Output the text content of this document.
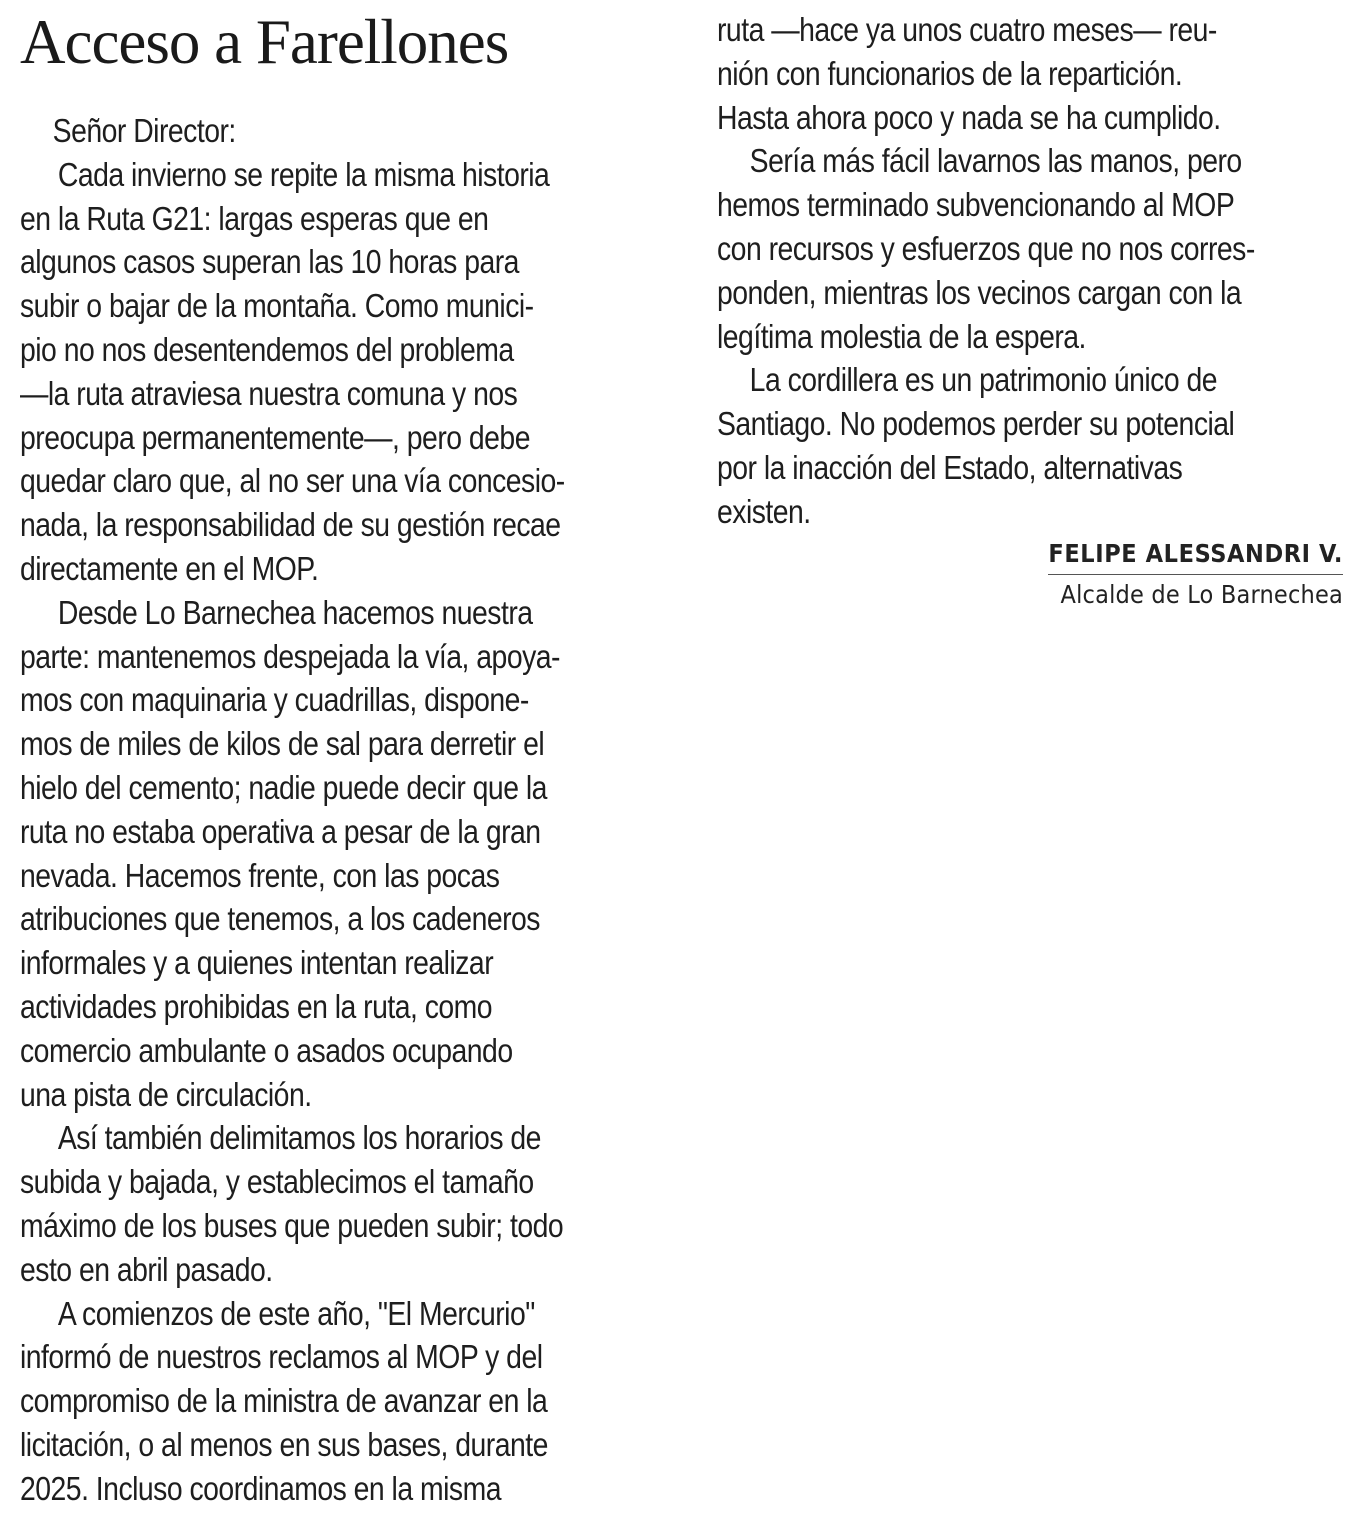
Acceso a Farellones
Señor Director:
Cada invierno se repite la misma historia
en la Ruta G21: largas esperas que en
algunos casos superan las 10 horas para
subir o bajar de la montaña. Como munici-
pio no nos desentendemos del problema
—la ruta atraviesa nuestra comuna y nos
preocupa permanentemente—, pero debe
quedar claro que, al no ser una vía concesio-
nada, la responsabilidad de su gestión recae
directamente en el MOP.
Desde Lo Barnechea hacemos nuestra
parte: mantenemos despejada la vía, apoya-
mos con maquinaria y cuadrillas, dispone-
mos de miles de kilos de sal para derretir el
hielo del cemento; nadie puede decir que la
ruta no estaba operativa a pesar de la gran
nevada. Hacemos frente, con las pocas
atribuciones que tenemos, a los cadeneros
informales y a quienes intentan realizar
actividades prohibidas en la ruta, como
comercio ambulante o asados ocupando
una pista de circulación.
Así también delimitamos los horarios de
subida y bajada, y establecimos el tamaño
máximo de los buses que pueden subir; todo
esto en abril pasado.
A comienzos de este año, "El Mercurio"
informó de nuestros reclamos al MOP y del
compromiso de la ministra de avanzar en la
licitación, o al menos en sus bases, durante
2025. Incluso coordinamos en la misma
ruta —hace ya unos cuatro meses— reu-
nión con funcionarios de la repartición.
Hasta ahora poco y nada se ha cumplido.
Sería más fácil lavarnos las manos, pero
hemos terminado subvencionando al MOP
con recursos y esfuerzos que no nos corres-
ponden, mientras los vecinos cargan con la
legítima molestia de la espera.
La cordillera es un patrimonio único de
Santiago. No podemos perder su potencial
por la inacción del Estado, alternativas
existen.
FELIPE ALESSANDRI V.
Alcalde de Lo Barnechea
